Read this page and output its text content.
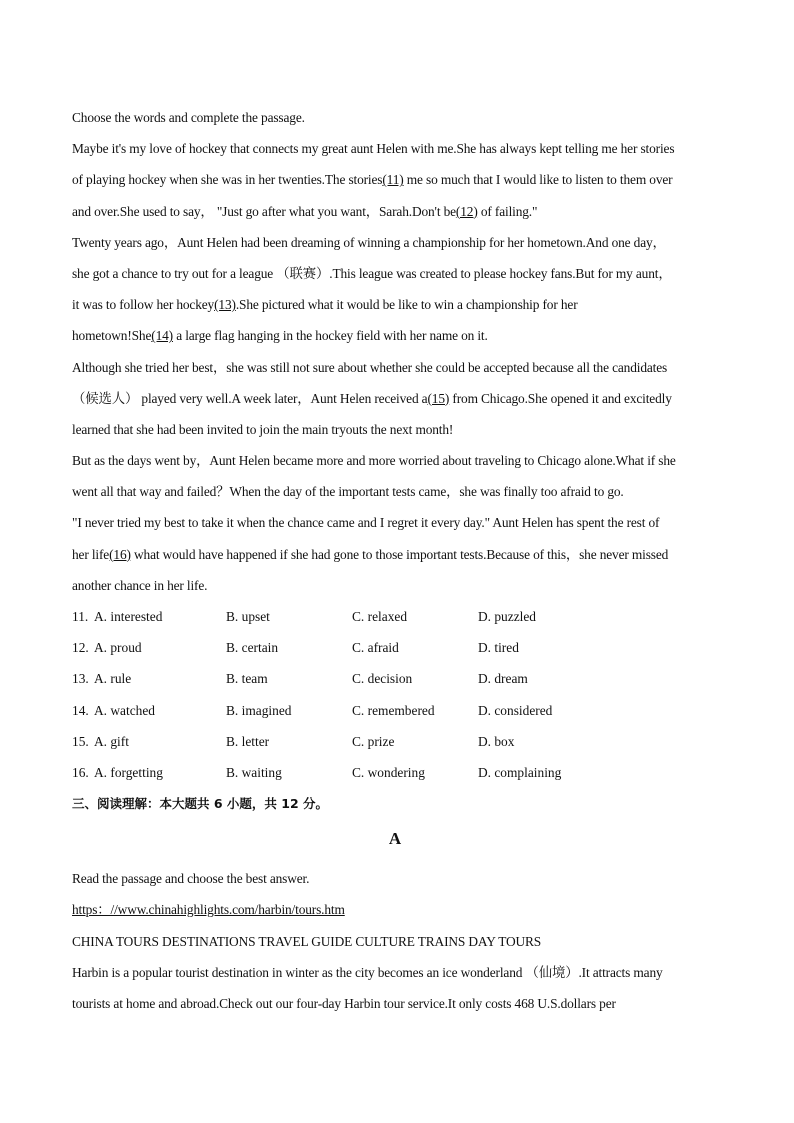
Choose the words and complete the passage.
Maybe it's my love of hockey that connects my great aunt Helen with me.She has always kept telling me her stories
of playing hockey when she was in her twenties.The stories(11) me so much that I would like to listen to them over
and over.She used to say， "Just go after what you want，Sarah.Don't be(12) of failing."
Twenty years ago，Aunt Helen had been dreaming of winning a championship for her hometown.And one day，
she got a chance to try out for a league （联赛）.This league was created to please hockey fans.But for my aunt，
it was to follow her hockey(13).She pictured what it would be like to win a championship for her
hometown!She(14) a large flag hanging in the hockey field with her name on it.
Although she tried her best，she was still not sure about whether she could be accepted because all the candidates
（候选人） played very well.A week later，Aunt Helen received a(15) from Chicago.She opened it and excitedly
learned that she had been invited to join the main tryouts the next month!
But as the days went by，Aunt Helen became more and more worried about traveling to Chicago alone.What if she
went all that way and failed？When the day of the important tests came，she was finally too afraid to go.
"I never tried my best to take it when the chance came and I regret it every day." Aunt Helen has spent the rest of
her life(16) what would have happened if she had gone to those important tests.Because of this，she never missed
another chance in her life.
11. A. interested	B. upset	C. relaxed	D. puzzled
12. A. proud	B. certain	C. afraid	D. tired
13. A. rule	B. team	C. decision	D. dream
14. A. watched	B. imagined	C. remembered	D. considered
15. A. gift	B. letter	C. prize	D. box
16. A. forgetting	B. waiting	C. wondering	D. complaining
三、阅读理解：本大题共 6 小题，共 12 分。
A
Read the passage and choose the best answer.
https：//www.chinahighlights.com/harbin/tours.htm
CHINA TOURS DESTINATIONS TRAVEL GUIDE CULTURE TRAINS DAY TOURS
Harbin is a popular tourist destination in winter as the city becomes an ice wonderland （仙境）.It attracts many
tourists at home and abroad.Check out our four-day Harbin tour service.It only costs 468 U.S.dollars per
